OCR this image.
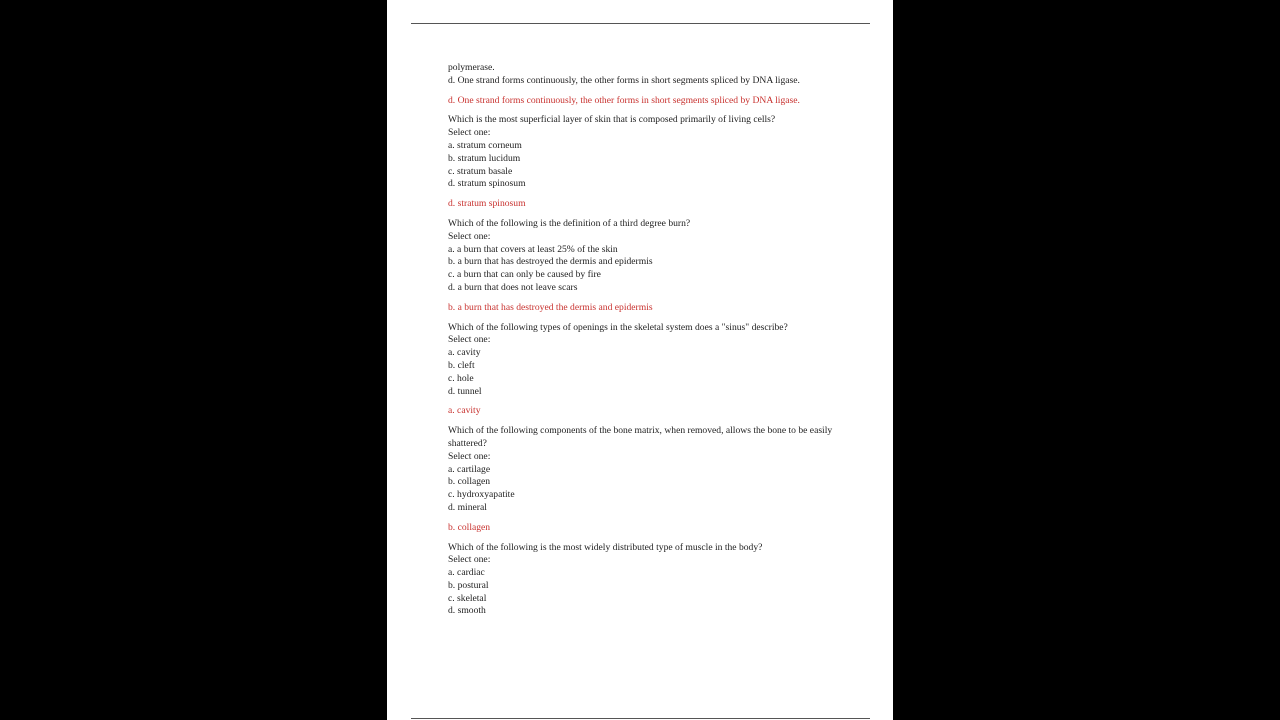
polymerase.
d. One strand forms continuously, the other forms in short segments spliced by DNA ligase.
d. One strand forms continuously, the other forms in short segments spliced by DNA ligase.
Which is the most superficial layer of skin that is composed primarily of living cells?
Select one:
a. stratum corneum
b. stratum lucidum
c. stratum basale
d. stratum spinosum
d. stratum spinosum
Which of the following is the definition of a third degree burn?
Select one:
a. a burn that covers at least 25% of the skin
b. a burn that has destroyed the dermis and epidermis
c. a burn that can only be caused by fire
d. a burn that does not leave scars
b. a burn that has destroyed the dermis and epidermis
Which of the following types of openings in the skeletal system does a "sinus" describe?
Select one:
a. cavity
b. cleft
c. hole
d. tunnel
a. cavity
Which of the following components of the bone matrix, when removed, allows the bone to be easily shattered?
Select one:
a. cartilage
b. collagen
c. hydroxyapatite
d. mineral
b. collagen
Which of the following is the most widely distributed type of muscle in the body?
Select one:
a. cardiac
b. postural
c. skeletal
d. smooth
